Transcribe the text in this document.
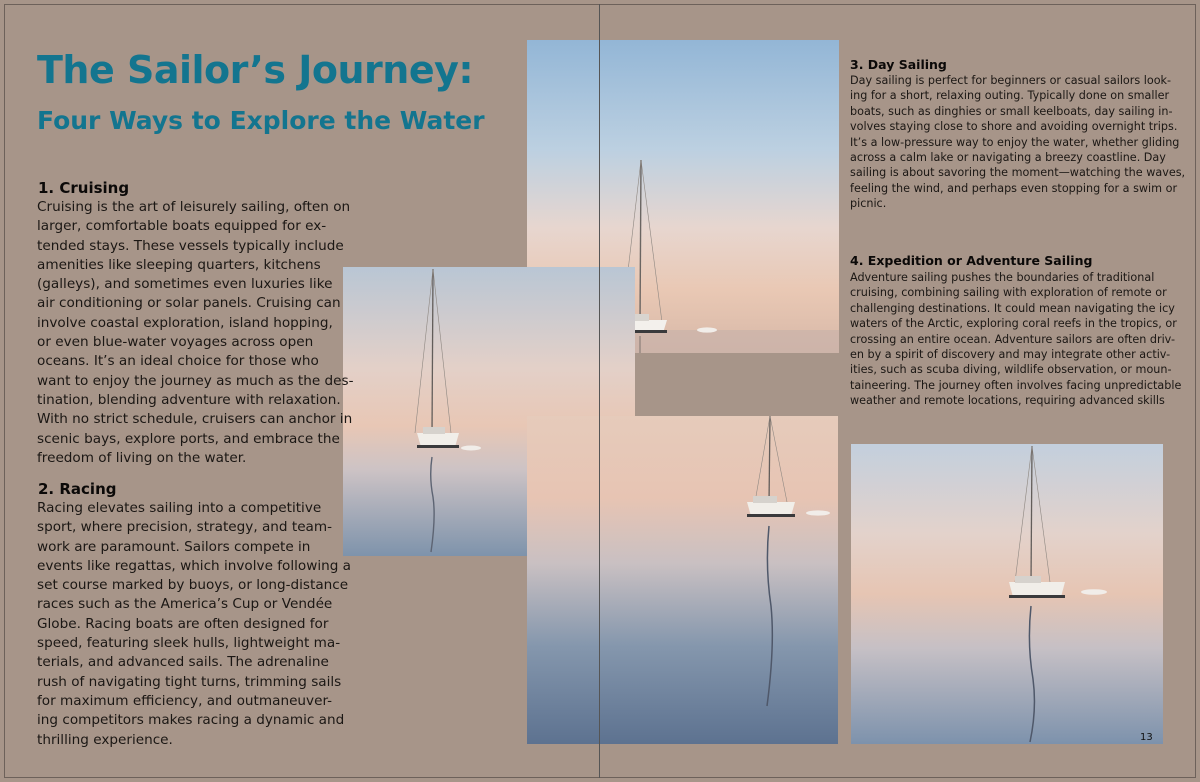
The Sailor’s Journey:
Four Ways to Explore the Water
1. Cruising
Cruising is the art of leisurely sailing, often on
larger, comfortable boats equipped for ex-
tended stays. These vessels typically include
amenities like sleeping quarters, kitchens
(galleys), and sometimes even luxuries like
air conditioning or solar panels. Cruising can
involve coastal exploration, island hopping,
or even blue-water voyages across open
oceans. It’s an ideal choice for those who
want to enjoy the journey as much as the des-
tination, blending adventure with relaxation.
With no strict schedule, cruisers can anchor in
scenic bays, explore ports, and embrace the
freedom of living on the water.
2. Racing
Racing elevates sailing into a competitive
sport, where precision, strategy, and team-
work are paramount. Sailors compete in
events like regattas, which involve following a
set course marked by buoys, or long-distance
races such as the America’s Cup or Vendée
Globe. Racing boats are often designed for
speed, featuring sleek hulls, lightweight ma-
terials, and advanced sails. The adrenaline
rush of navigating tight turns, trimming sails
for maximum efficiency, and outmaneuver-
ing competitors makes racing a dynamic and
thrilling experience.
3. Day Sailing
Day sailing is perfect for beginners or casual sailors look-
ing for a short, relaxing outing. Typically done on smaller
boats, such as dinghies or small keelboats, day sailing in-
volves staying close to shore and avoiding overnight trips.
It’s a low-pressure way to enjoy the water, whether gliding
across a calm lake or navigating a breezy coastline. Day
sailing is about savoring the moment—watching the waves,
feeling the wind, and perhaps even stopping for a swim or
picnic.
4. Expedition or Adventure Sailing
Adventure sailing pushes the boundaries of traditional
cruising, combining sailing with exploration of remote or
challenging destinations. It could mean navigating the icy
waters of the Arctic, exploring coral reefs in the tropics, or
crossing an entire ocean. Adventure sailors are often driv-
en by a spirit of discovery and may integrate other activ-
ities, such as scuba diving, wildlife observation, or moun-
taineering. The journey often involves facing unpredictable
weather and remote locations, requiring advanced skills
13
